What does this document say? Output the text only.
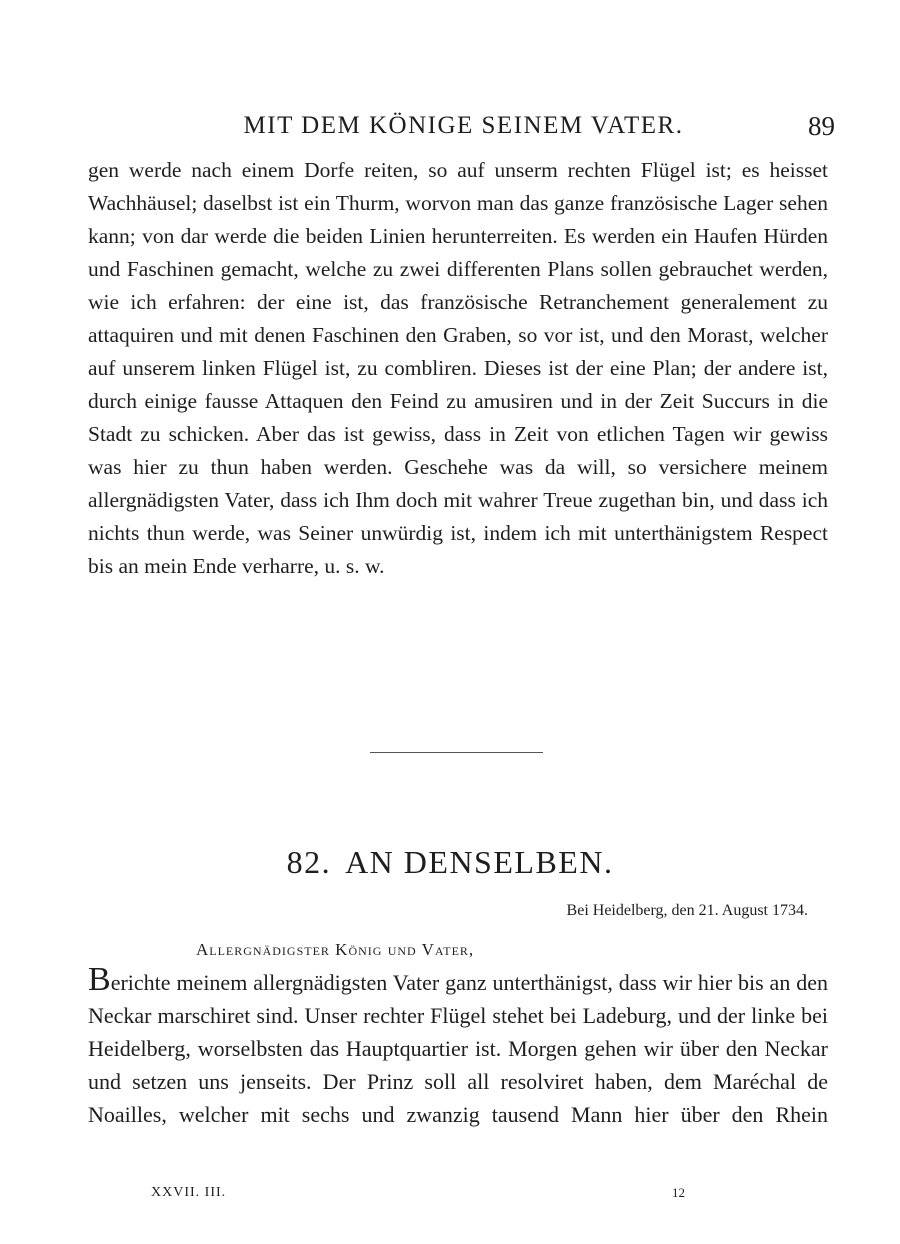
MIT DEM KÖNIGE SEINEM VATER.	89

gen werde nach einem Dorfe reiten, so auf unserm rechten Flügel ist; es heisset Wachhäusel; daselbst ist ein Thurm, worvon man das ganze französische Lager sehen kann; von dar werde die beiden Linien herunterreiten. Es werden ein Haufen Hürden und Faschinen gemacht, welche zu zwei differenten Plans sollen gebrauchet werden, wie ich erfahren: der eine ist, das französische Retranchement generalement zu attaquiren und mit denen Faschinen den Graben, so vor ist, und den Morast, welcher auf unserem linken Flügel ist, zu combliren. Dieses ist der eine Plan; der andere ist, durch einige fausse Attaquen den Feind zu amusiren und in der Zeit Succurs in die Stadt zu schicken. Aber das ist gewiss, dass in Zeit von etlichen Tagen wir gewiss was hier zu thun haben werden. Geschehe was da will, so versichere meinem allergnädigsten Vater, dass ich Ihm doch mit wahrer Treue zugethan bin, und dass ich nichts thun werde, was Seiner unwürdig ist, indem ich mit unterthänigstem Respect bis an mein Ende verharre, u. s. w.

82. AN DENSELBEN.
Bei Heidelberg, den 21. August 1734.
Allergnädigster König und Vater,

Berichte meinem allergnädigsten Vater ganz unterthänigst, dass wir hier bis an den Neckar marschiret sind. Unser rechter Flügel stehet bei Ladeburg, und der linke bei Heidelberg, worselbsten das Hauptquartier ist. Morgen gehen wir über den Neckar und setzen uns jenseits. Der Prinz soll all resolviret haben, dem Maréchal de Noailles, welcher mit sechs und zwanzig tausend Mann hier über den Rhein

XXVII. III.	12
